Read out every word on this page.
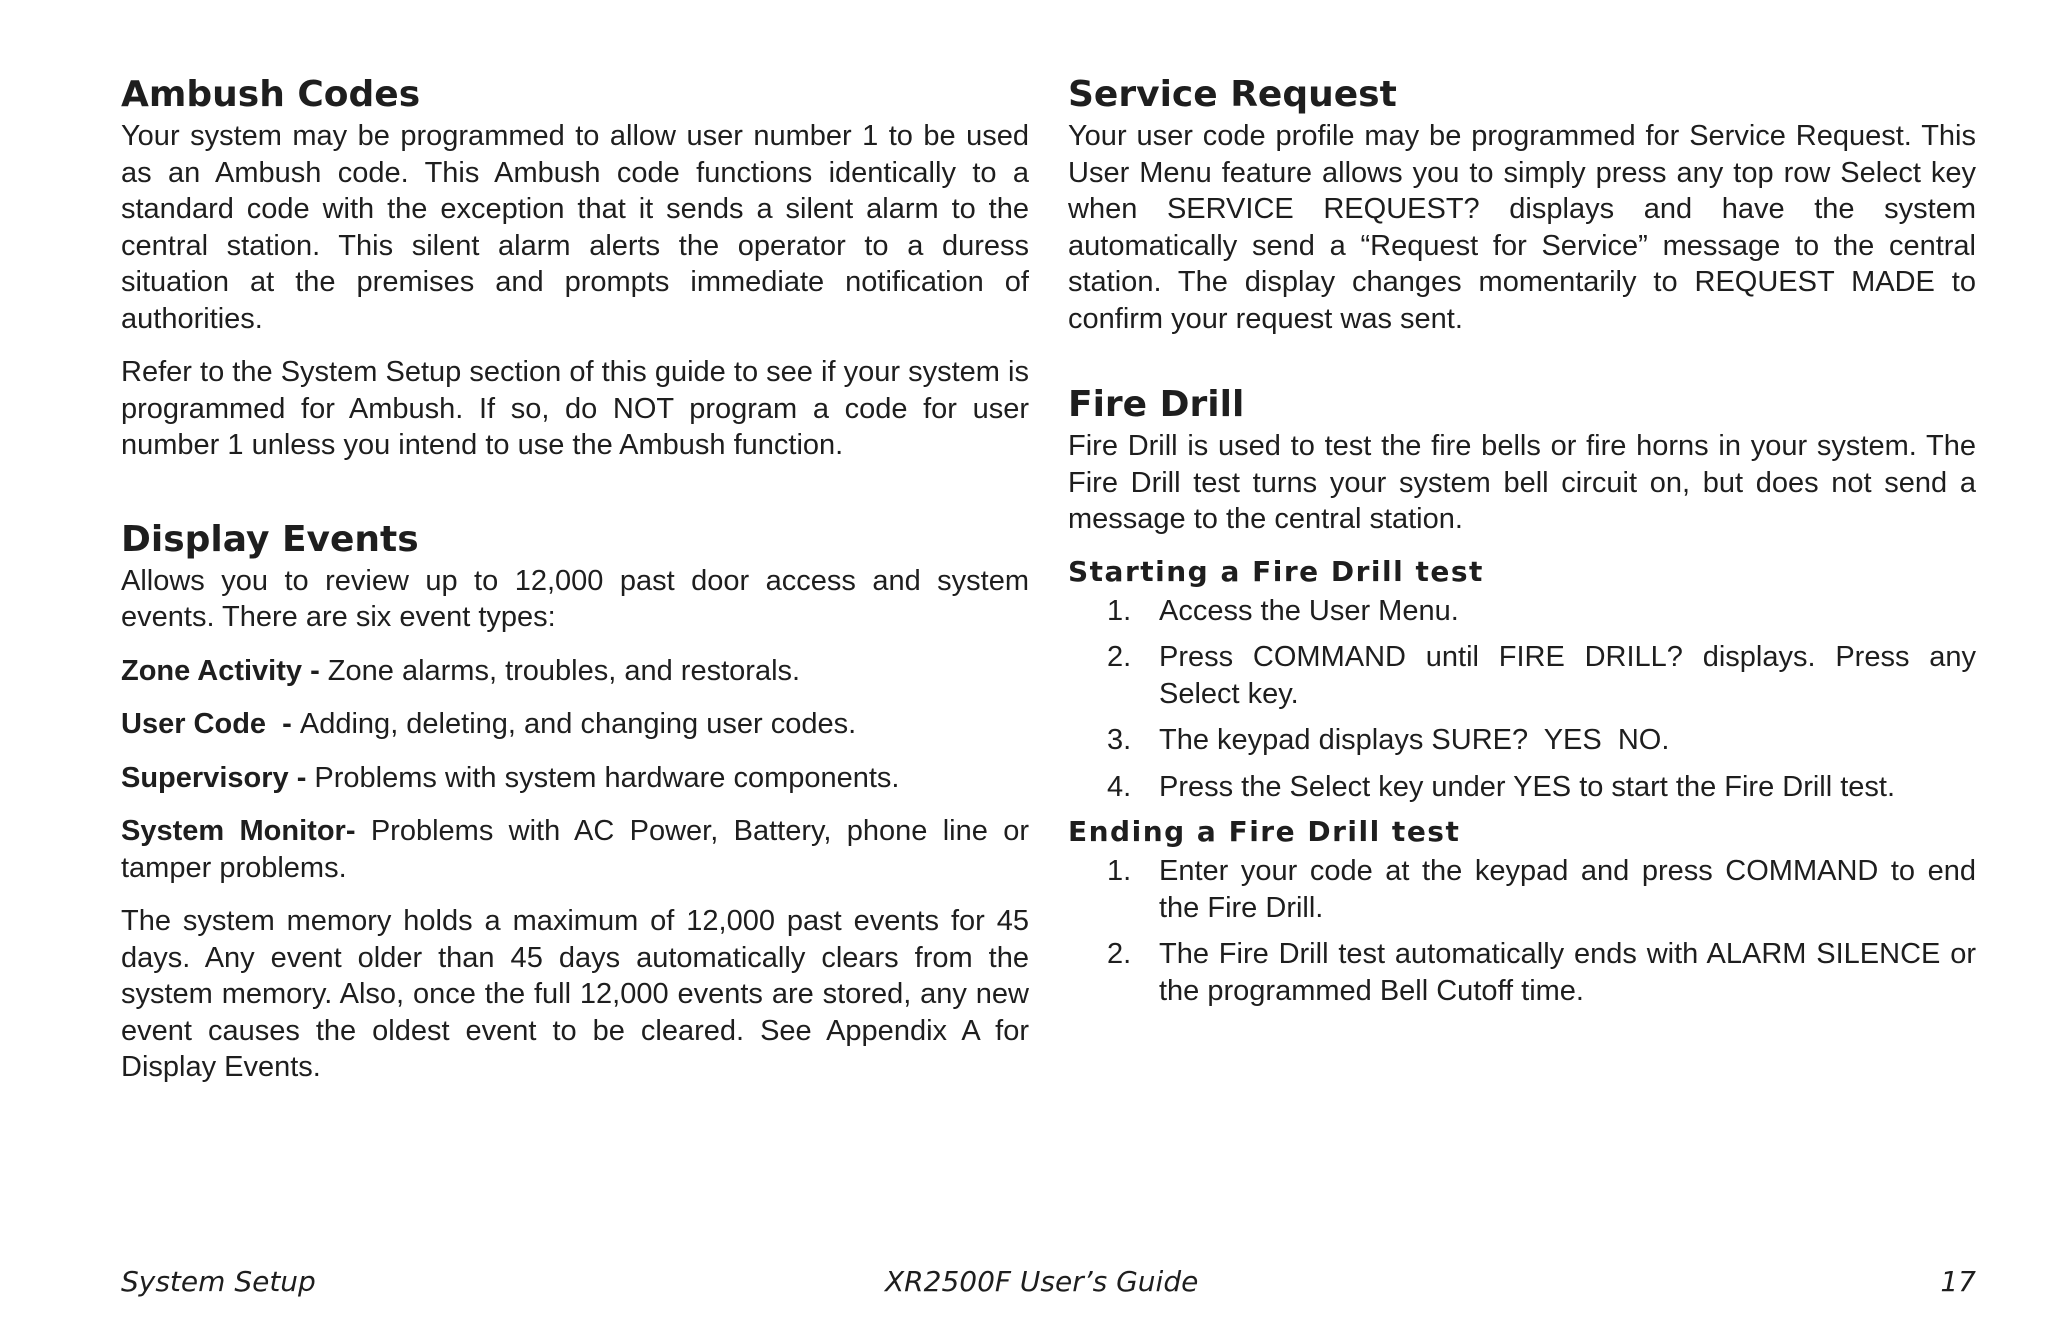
Ambush Codes

Your system may be programmed to allow user number 1 to be used as an Ambush code. This Ambush code functions identically to a standard code with the exception that it sends a silent alarm to the central station. This silent alarm alerts the operator to a duress situation at the premises and prompts immediate notification of authorities.

Refer to the System Setup section of this guide to see if your system is programmed for Ambush. If so, do NOT program a code for user number 1 unless you intend to use the Ambush function.

Display Events

Allows you to review up to 12,000 past door access and system events. There are six event types:

Zone Activity - Zone alarms, troubles, and restorals.

User Code  - Adding, deleting, and changing user codes.

Supervisory - Problems with system hardware components.

System Monitor- Problems with AC Power, Battery, phone line or tamper problems.

The system memory holds a maximum of 12,000 past events for 45 days. Any event older than 45 days automatically clears from the system memory. Also, once the full 12,000 events are stored, any new event causes the oldest event to be cleared. See Appendix A for Display Events.

Service Request

Your user code profile may be programmed for Service Request. This User Menu feature allows you to simply press any top row Select key when SERVICE REQUEST? displays and have the system automatically send a “Request for Service” message to the central station. The display changes momentarily to REQUEST MADE to confirm your request was sent.

Fire Drill

Fire Drill is used to test the fire bells or fire horns in your system. The Fire Drill test turns your system bell circuit on, but does not send a message to the central station.

Starting a Fire Drill test
1. Access the User Menu.
2. Press COMMAND until FIRE DRILL? displays. Press any Select key.
3. The keypad displays SURE?  YES  NO.
4. Press the Select key under YES to start the Fire Drill test.
Ending a Fire Drill test
1. Enter your code at the keypad and press COMMAND to end the Fire Drill.
2. The Fire Drill test automatically ends with ALARM SILENCE or the programmed Bell Cutoff time.
System Setup	XR2500F User’s Guide	17
